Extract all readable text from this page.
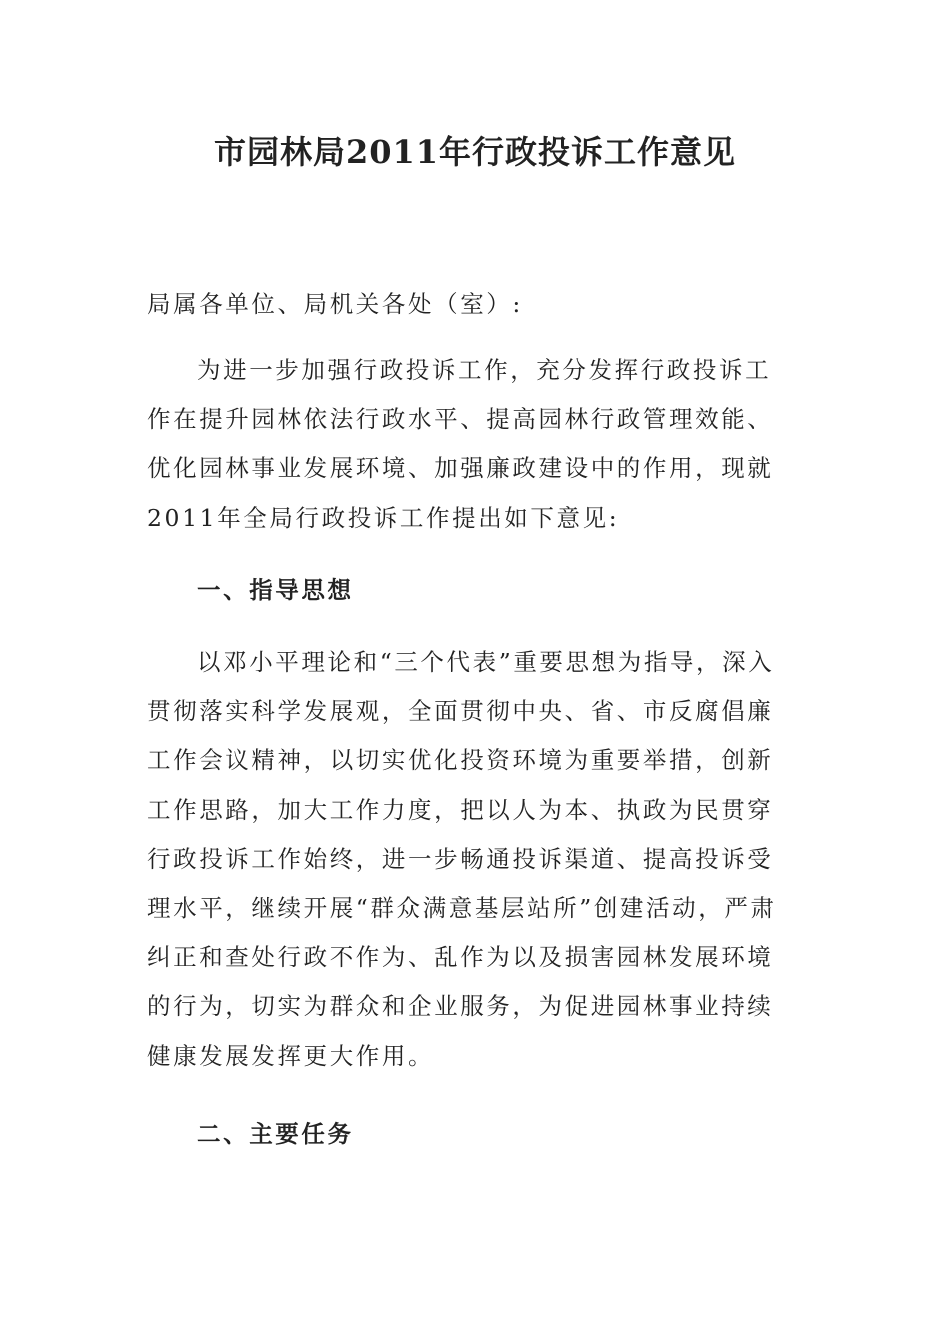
市园林局2011年行政投诉工作意见

局属各单位、局机关各处（室）:

为进一步加强行政投诉工作，充分发挥行政投诉工作在提升园林依法行政水平、提高园林行政管理效能、优化园林事业发展环境、加强廉政建设中的作用，现就2011年全局行政投诉工作提出如下意见:

一、指导思想

以邓小平理论和“三个代表”重要思想为指导，深入贯彻落实科学发展观，全面贯彻中央、省、市反腐倡廉工作会议精神，以切实优化投资环境为重要举措，创新工作思路，加大工作力度，把以人为本、执政为民贯穿行政投诉工作始终，进一步畅通投诉渠道、提高投诉受理水平，继续开展“群众满意基层站所”创建活动，严肃纠正和查处行政不作为、乱作为以及损害园林发展环境的行为，切实为群众和企业服务，为促进园林事业持续健康发展发挥更大作用。

二、主要任务
